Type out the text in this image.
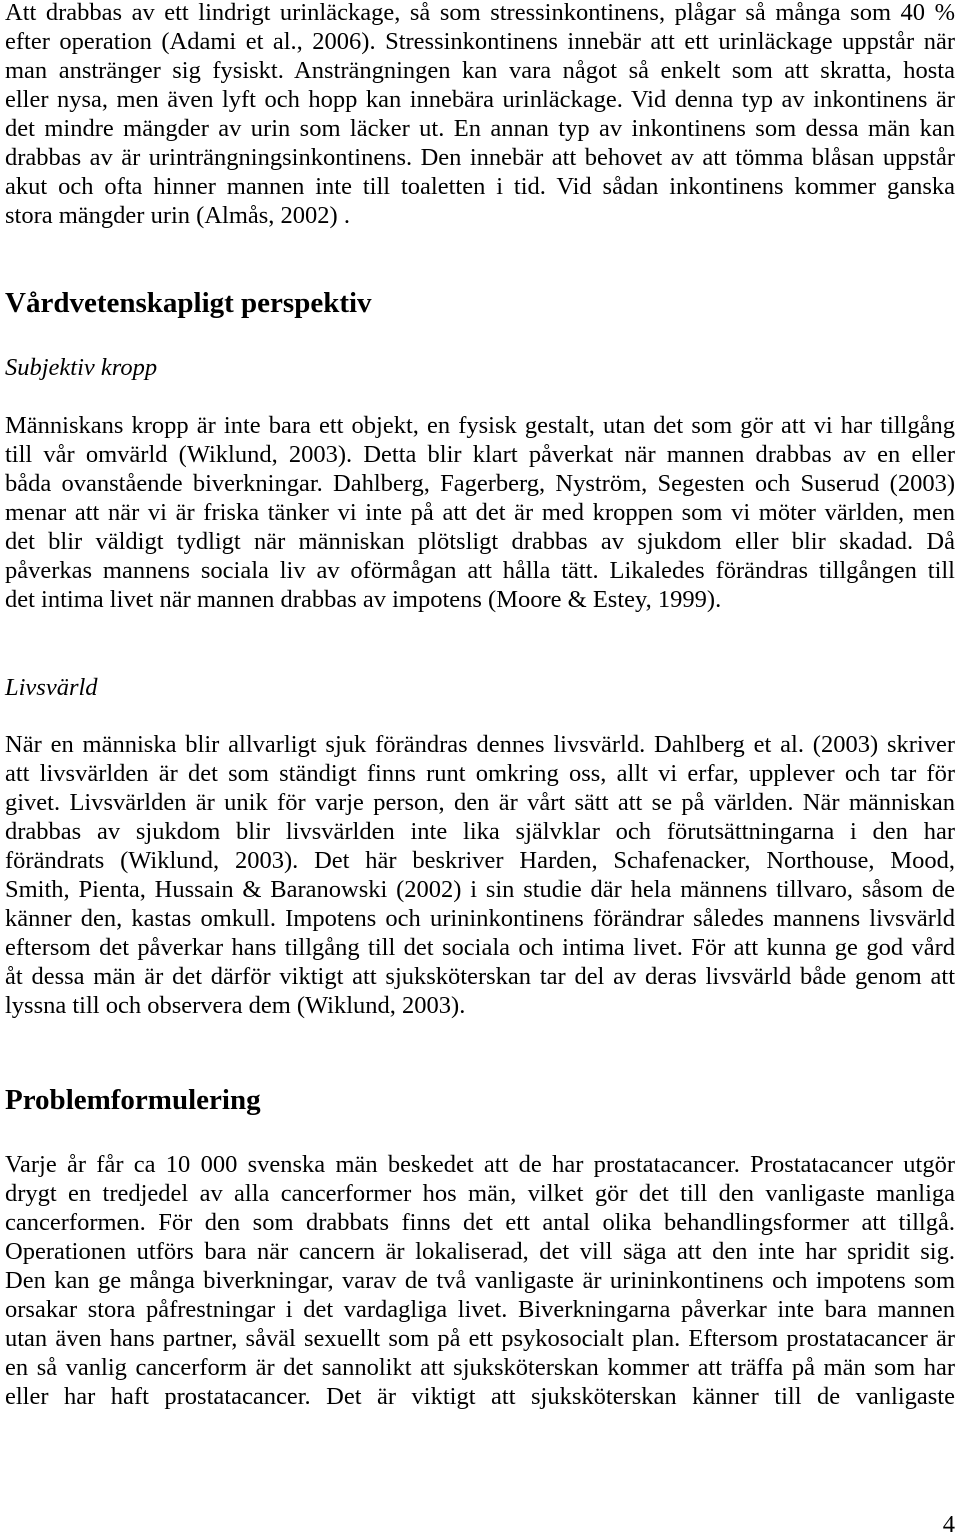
Att drabbas av ett lindrigt urinläckage, så som stressinkontinens, plågar så många som 40 %
efter operation (Adami et al., 2006). Stressinkontinens innebär att ett urinläckage uppstår när
man anstränger sig fysiskt. Ansträngningen kan vara något så enkelt som att skratta, hosta
eller nysa, men även lyft och hopp kan innebära urinläckage. Vid denna typ av inkontinens är
det mindre mängder av urin som läcker ut. En annan typ av inkontinens som dessa män kan
drabbas av är urinträngningsinkontinens. Den innebär att behovet av att tömma blåsan uppstår
akut och ofta hinner mannen inte till toaletten i tid. Vid sådan inkontinens kommer ganska
stora mängder urin (Almås, 2002) .
Vårdvetenskapligt perspektiv
Subjektiv kropp
Människans kropp är inte bara ett objekt, en fysisk gestalt, utan det som gör att vi har tillgång
till vår omvärld (Wiklund, 2003). Detta blir klart påverkat när mannen drabbas av en eller
båda ovanstående biverkningar. Dahlberg, Fagerberg, Nyström, Segesten och Suserud (2003)
menar att när vi är friska tänker vi inte på att det är med kroppen som vi möter världen, men
det blir väldigt tydligt när människan plötsligt drabbas av sjukdom eller blir skadad. Då
påverkas mannens sociala liv av oförmågan att hålla tätt. Likaledes förändras tillgången till
det intima livet när mannen drabbas av impotens (Moore & Estey, 1999).
Livsvärld
När en människa blir allvarligt sjuk förändras dennes livsvärld. Dahlberg et al. (2003) skriver
att livsvärlden är det som ständigt finns runt omkring oss, allt vi erfar, upplever och tar för
givet. Livsvärlden är unik för varje person, den är vårt sätt att se på världen. När människan
drabbas av sjukdom blir livsvärlden inte lika självklar och förutsättningarna i den har
förändrats (Wiklund, 2003). Det här beskriver Harden, Schafenacker, Northouse, Mood,
Smith, Pienta, Hussain & Baranowski (2002) i sin studie där hela männens tillvaro, såsom de
känner den, kastas omkull. Impotens och urininkontinens förändrar således mannens livsvärld
eftersom det påverkar hans tillgång till det sociala och intima livet. För att kunna ge god vård
åt dessa män är det därför viktigt att sjuksköterskan tar del av deras livsvärld både genom att
lyssna till och observera dem (Wiklund, 2003).
Problemformulering
Varje år får ca 10 000 svenska män beskedet att de har prostatacancer. Prostatacancer utgör
drygt en tredjedel av alla cancerformer hos män, vilket gör det till den vanligaste manliga
cancerformen. För den som drabbats finns det ett antal olika behandlingsformer att tillgå.
Operationen utförs bara när cancern är lokaliserad, det vill säga att den inte har spridit sig.
Den kan ge många biverkningar, varav de två vanligaste är urininkontinens och impotens som
orsakar stora påfrestningar i det vardagliga livet. Biverkningarna påverkar inte bara mannen
utan även hans partner, såväl sexuellt som på ett psykosocialt plan. Eftersom prostatacancer är
en så vanlig cancerform är det sannolikt att sjuksköterskan kommer att träffa på män som har
eller har haft prostatacancer. Det är viktigt att sjuksköterskan känner till de vanligaste
4
